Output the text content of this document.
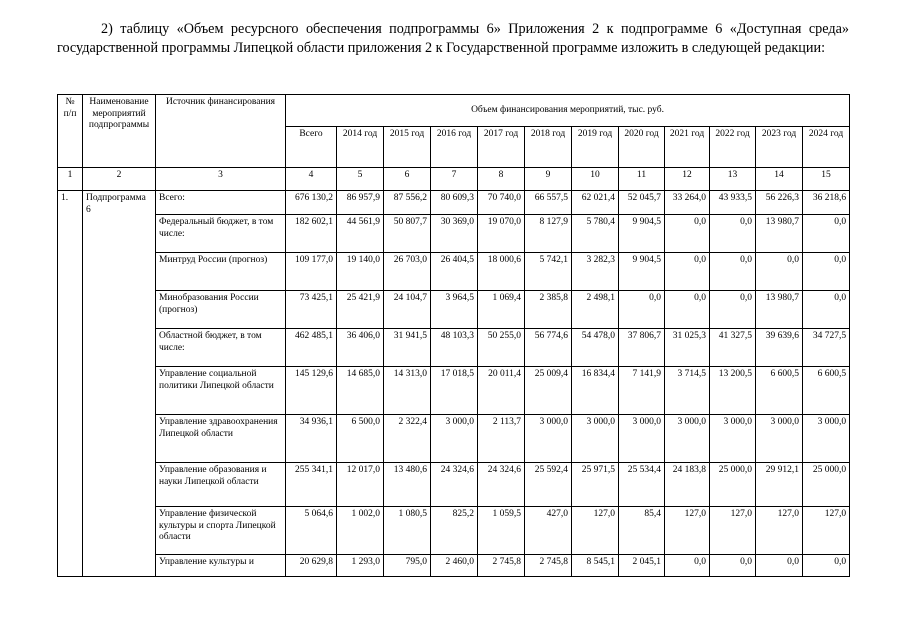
2) таблицу «Объем ресурсного обеспечения подпрограммы 6» Приложения 2 к подпрограмме 6 «Доступная среда» государственной программы Липецкой области приложения 2 к Государственной программе изложить в следующей редакции:

№ п/п	Наименование мероприятий подпрограммы	Источник финансирования	Объем финансирования мероприятий, тыс. руб.											
			Всего	2014 год	2015 год	2016 год	2017 год	2018 год	2019 год	2020 год	2021 год	2022 год	2023 год	2024 год
1	2	3	4	5	6	7	8	9	10	11	12	13	14	15
1.	Подпрограмма 6	Всего:	676 130,2	86 957,9	87 556,2	80 609,3	70 740,0	66 557,5	62 021,4	52 045,7	33 264,0	43 933,5	56 226,3	36 218,6
		Федеральный бюджет, в том числе:	182 602,1	44 561,9	50 807,7	30 369,0	19 070,0	8 127,9	5 780,4	9 904,5	0,0	0,0	13 980,7	0,0
		Минтруд России (прогноз)	109 177,0	19 140,0	26 703,0	26 404,5	18 000,6	5 742,1	3 282,3	9 904,5	0,0	0,0	0,0	0,0
		Минобразования России (прогноз)	73 425,1	25 421,9	24 104,7	3 964,5	1 069,4	2 385,8	2 498,1	0,0	0,0	0,0	13 980,7	0,0
		Областной бюджет, в том числе:	462 485,1	36 406,0	31 941,5	48 103,3	50 255,0	56 774,6	54 478,0	37 806,7	31 025,3	41 327,5	39 639,6	34 727,5
		Управление социальной политики Липецкой области	145 129,6	14 685,0	14 313,0	17 018,5	20 011,4	25 009,4	16 834,4	7 141,9	3 714,5	13 200,5	6 600,5	6 600,5
		Управление здравоохранения Липецкой области	34 936,1	6 500,0	2 322,4	3 000,0	2 113,7	3 000,0	3 000,0	3 000,0	3 000,0	3 000,0	3 000,0	3 000,0
		Управление образования и науки Липецкой области	255 341,1	12 017,0	13 480,6	24 324,6	24 324,6	25 592,4	25 971,5	25 534,4	24 183,8	25 000,0	29 912,1	25 000,0
		Управление физической культуры и спорта Липецкой области	5 064,6	1 002,0	1 080,5	825,2	1 059,5	427,0	127,0	85,4	127,0	127,0	127,0	127,0
		Управление культуры и	20 629,8	1 293,0	795,0	2 460,0	2 745,8	2 745,8	8 545,1	2 045,1	0,0	0,0	0,0	0,0
